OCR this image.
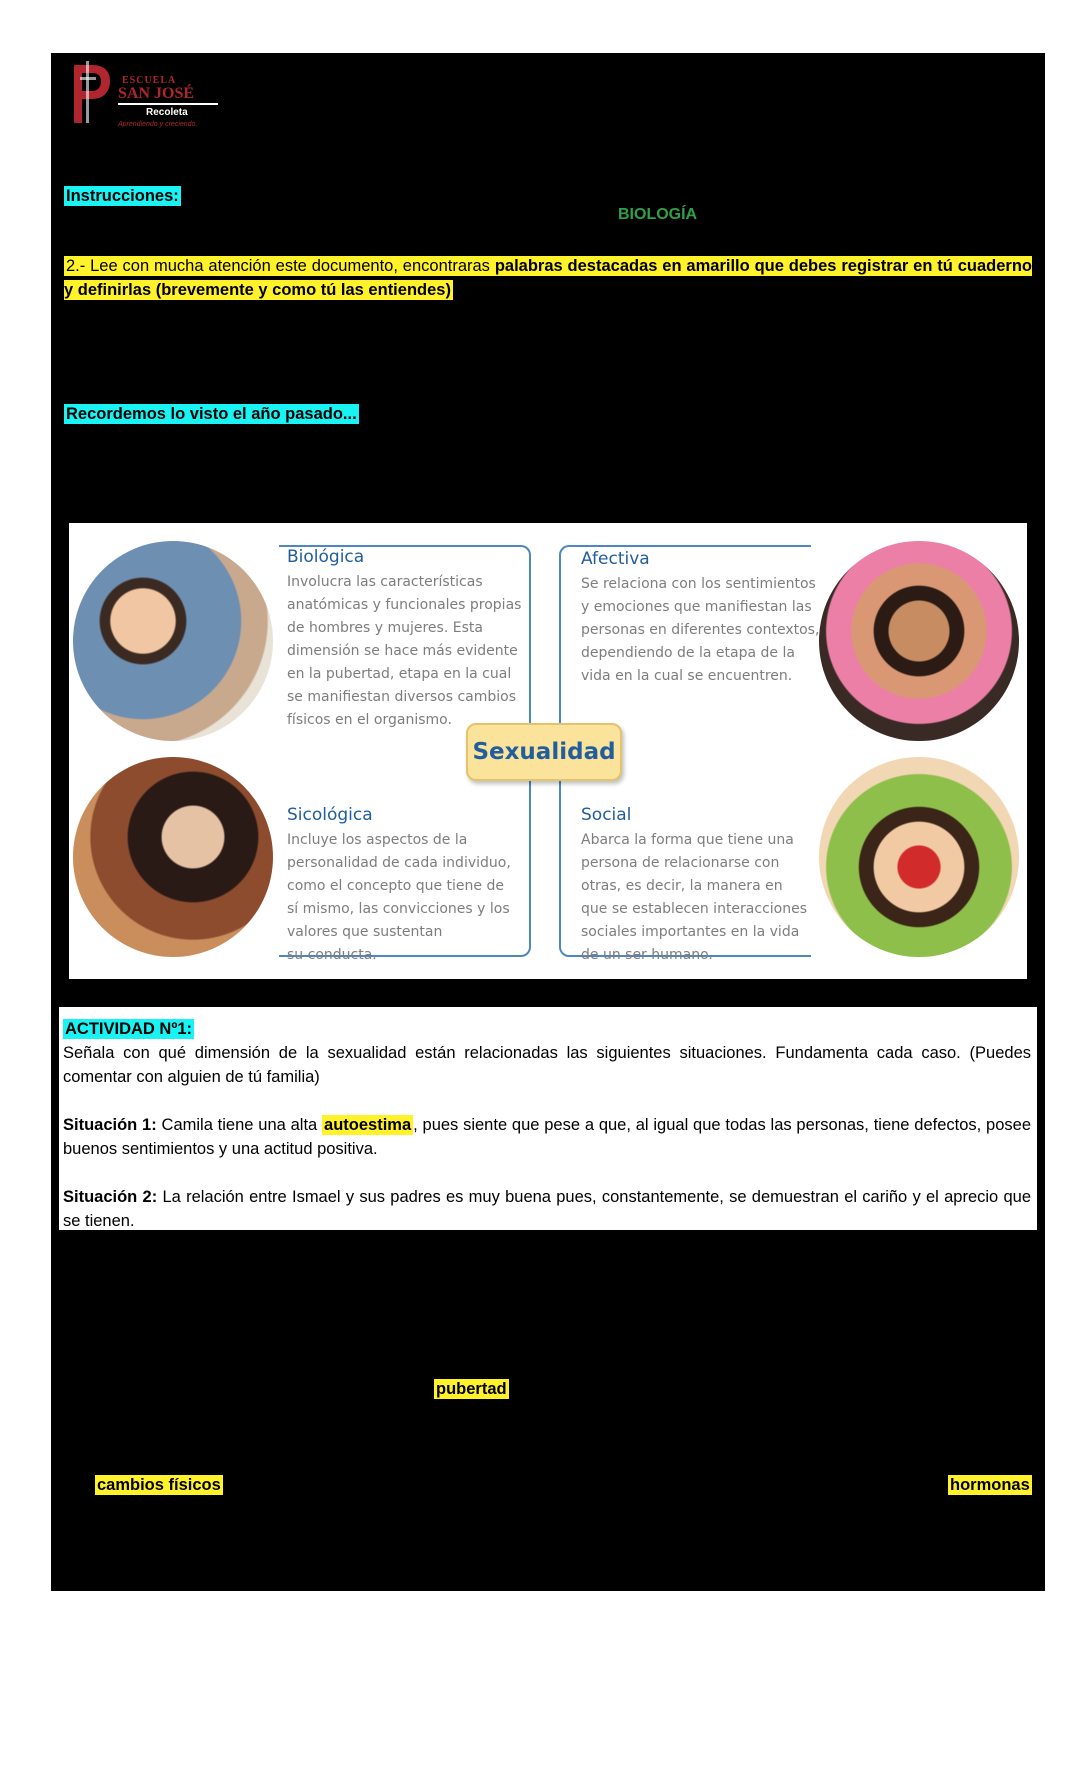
ESCUELA
SAN JOSÉ
Recoleta
Aprendiendo y creciendo.
Instrucciones:
BIOLOGÍA
2.- Lee con mucha atención este documento, encontraras palabras destacadas en amarillo que debes registrar en tú cuaderno y definirlas (brevemente y como tú las entiendes)
Recordemos lo visto el año pasado...
Biológica
Involucra las características
anatómicas y funcionales propias
de hombres y mujeres. Esta
dimensión se hace más evidente
en la pubertad, etapa en la cual
se manifiestan diversos cambios
físicos en el organismo.
Afectiva
Se relaciona con los sentimientos
y emociones que manifiestan las
personas en diferentes contextos,
dependiendo de la etapa de la
vida en la cual se encuentren.
Sexualidad
Sicológica
Incluye los aspectos de la
personalidad de cada individuo,
como el concepto que tiene de
sí mismo, las convicciones y los
valores que sustentan
su conducta.
Social
Abarca la forma que tiene una
persona de relacionarse con
otras, es decir, la manera en
que se establecen interacciones
sociales importantes en la vida
de un ser humano.
ACTIVIDAD Nº1:
Señala con qué dimensión de la sexualidad están relacionadas las siguientes situaciones. Fundamenta cada caso. (Puedes comentar con alguien de tú familia)
Situación 1: Camila tiene una alta autoestima , pues siente que pese a que, al igual que todas las personas, tiene defectos, posee buenos sentimientos y una actitud positiva.
Situación 2: La relación entre Ismael y sus padres es muy buena pues, constantemente, se demuestran el cariño y el aprecio que se tienen.
pubertad
cambios físicos	hormonas
